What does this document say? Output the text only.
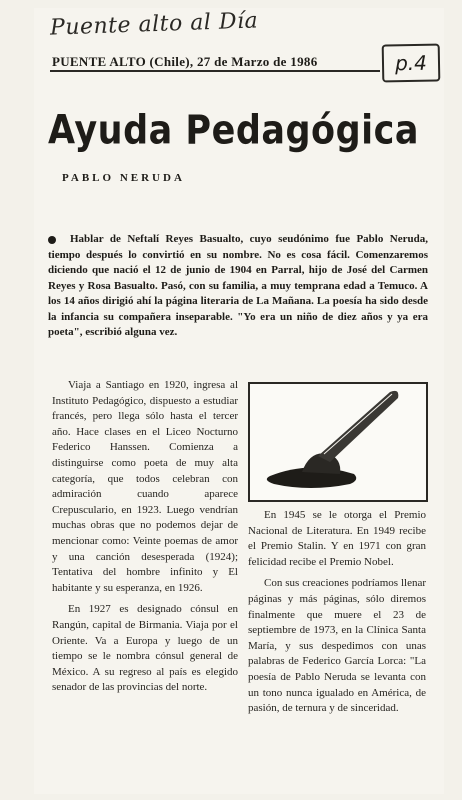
Puente alto al Día
PUENTE ALTO (Chile), 27 de Marzo de 1986	p.4
Ayuda Pedagógica
PABLO NERUDA
Hablar de Neftalí Reyes Basualto, cuyo seudónimo fue Pablo Neruda, tiempo después lo convirtió en su nombre. No es cosa fácil. Comenzaremos diciendo que nació el 12 de junio de 1904 en Parral, hijo de José del Carmen Reyes y Rosa Basualto. Pasó, con su familia, a muy temprana edad a Temuco. A los 14 años dirigió ahí la página literaria de La Mañana. La poesía ha sido desde la infancia su compañera inseparable. "Yo era un niño de diez años y ya era poeta", escribió alguna vez.

Viaja a Santiago en 1920, ingresa al Instituto Pedagógico, dispuesto a estudiar francés, pero llega sólo hasta el tercer año. Hace clases en el Liceo Nocturno Federico Hanssen. Comienza a distinguirse como poeta de muy alta categoría, que todos celebran con admiración cuando aparece Crepusculario, en 1923. Luego vendrían muchas obras que no podemos dejar de mencionar como: Veinte poemas de amor y una canción desesperada (1924); Tentativa del hombre infinito y El habitante y su esperanza, en 1926.

En 1927 es designado cónsul en Rangún, capital de Birmania. Viaja por el Oriente. Va a Europa y luego de un tiempo se le nombra cónsul general de México. A su regreso al país es elegido senador de las provincias del norte.

En 1945 se le otorga el Premio Nacional de Literatura. En 1949 recibe el Premio Stalin. Y en 1971 con gran felicidad recibe el Premio Nobel.

Con sus creaciones podríamos llenar páginas y más páginas, sólo diremos finalmente que muere el 23 de septiembre de 1973, en la Clínica Santa María, y sus despedimos con unas palabras de Federico García Lorca: "La poesía de Pablo Neruda se levanta con un tono nunca igualado en América, de pasión, de ternura y de sinceridad.
